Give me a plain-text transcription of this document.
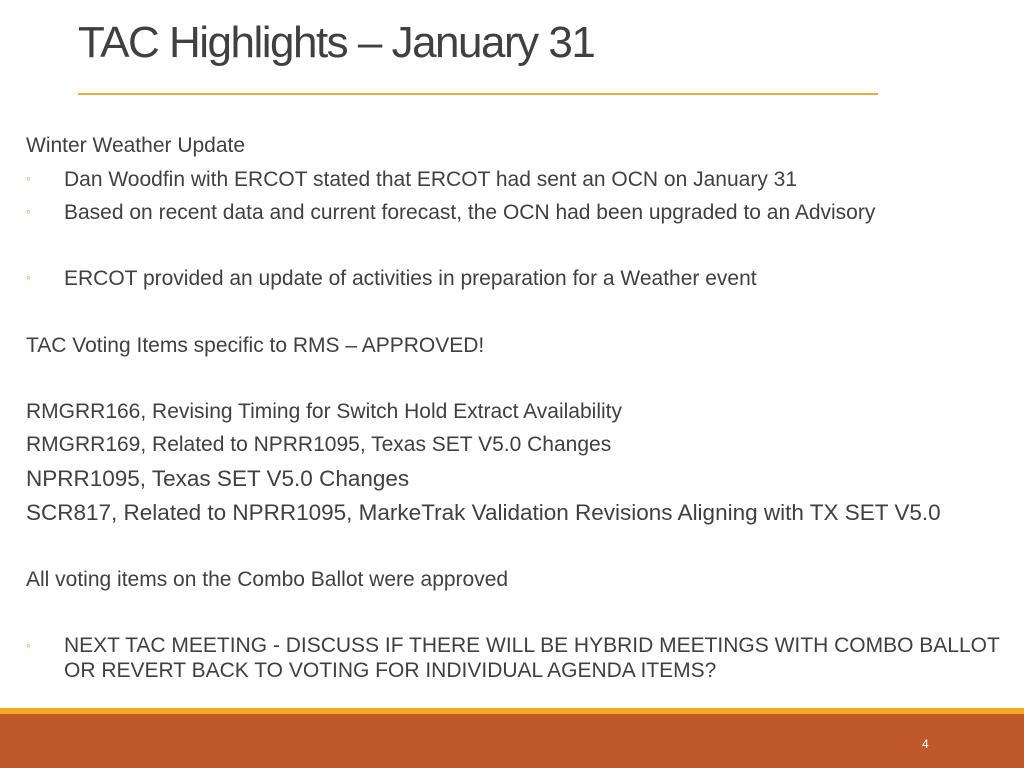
TAC Highlights – January 31
Winter Weather Update
◦ Dan Woodfin with ERCOT stated that ERCOT had sent an OCN on January 31
◦ Based on recent data and current forecast, the OCN had been upgraded to an Advisory
◦ ERCOT provided an update of activities in preparation for a Weather event
TAC Voting Items specific to RMS – APPROVED!
RMGRR166, Revising Timing for Switch Hold Extract Availability
RMGRR169, Related to NPRR1095, Texas SET V5.0 Changes
NPRR1095, Texas SET V5.0 Changes
SCR817, Related to NPRR1095, MarkeTrak Validation Revisions Aligning with TX SET V5.0
All voting items on the Combo Ballot were approved
◦ NEXT TAC MEETING - DISCUSS IF THERE WILL BE HYBRID MEETINGS WITH COMBO BALLOT
OR REVERT BACK TO VOTING FOR INDIVIDUAL AGENDA ITEMS?
4
